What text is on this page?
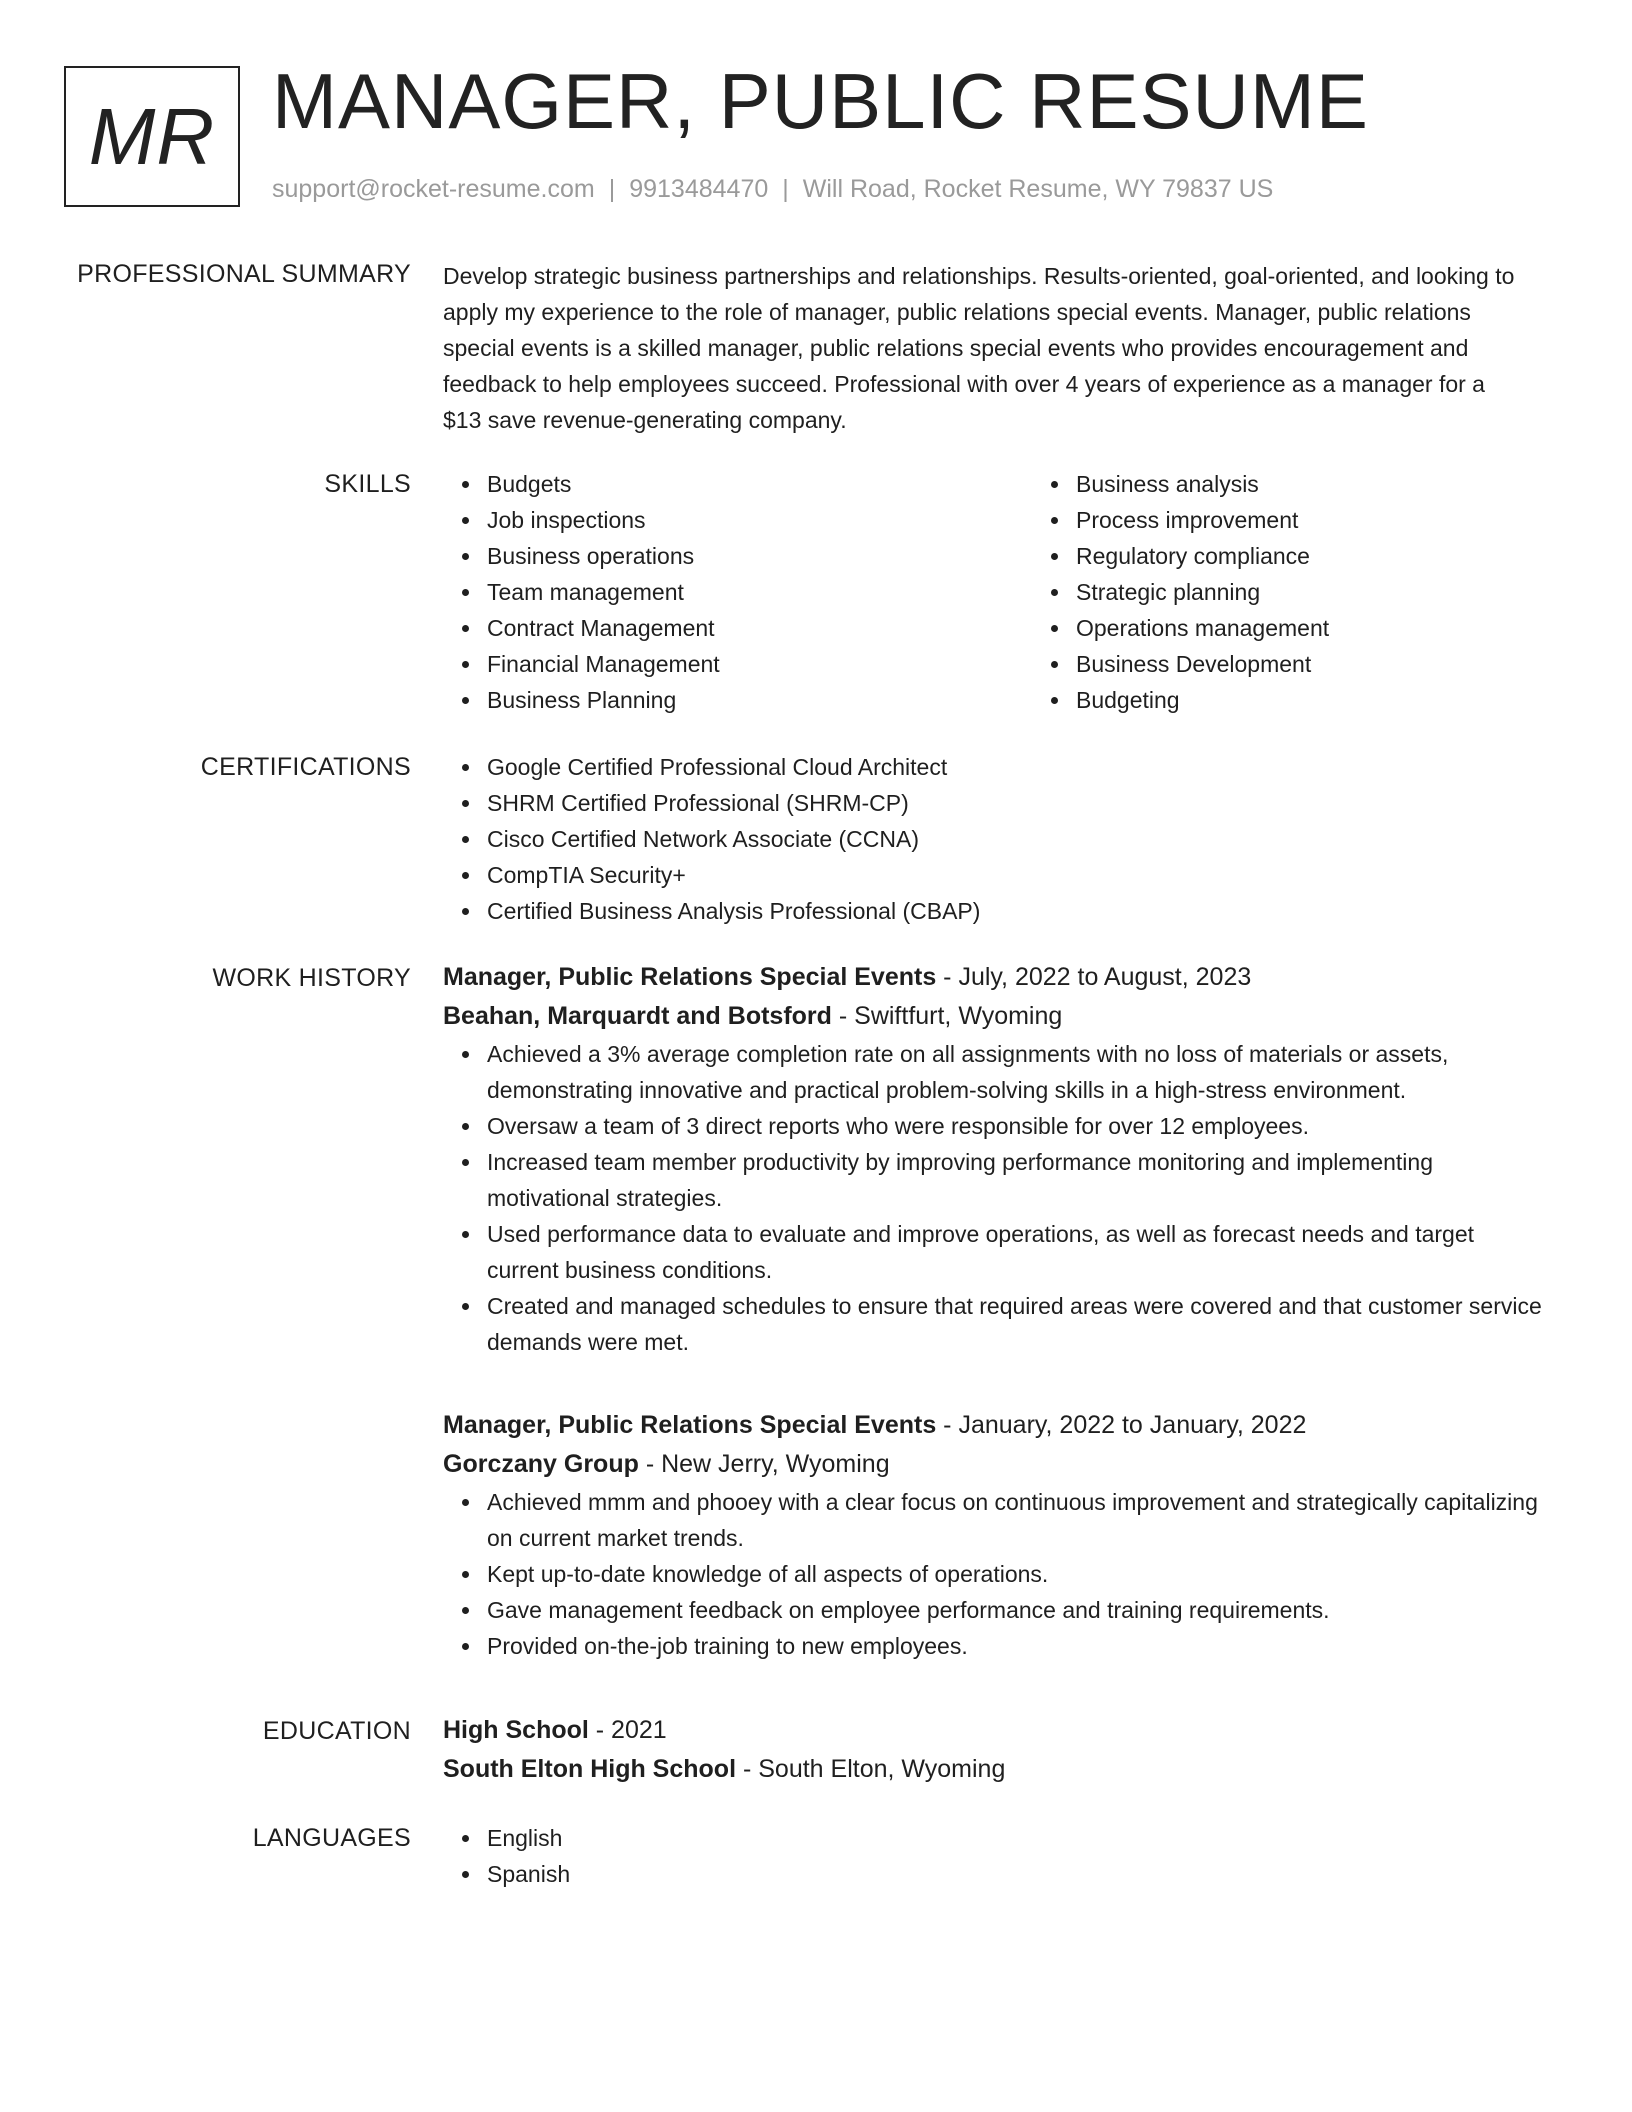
MR MANAGER, PUBLIC RESUME
support@rocket-resume.com | 9913484470 | Will Road, Rocket Resume, WY 79837 US
PROFESSIONAL SUMMARY Develop strategic business partnerships and relationships. Results-oriented, goal-oriented, and looking to apply my experience to the role of manager, public relations special events. Manager, public relations special events is a skilled manager, public relations special events who provides encouragement and feedback to help employees succeed. Professional with over 4 years of experience as a manager for a $13 save revenue-generating company.

SKILLS	Budgets
Job inspections
Business operations
Team management
Contract Management
Financial Management
Business Planning
Business analysis
Process improvement
Regulatory compliance
Strategic planning
Operations management
Business Development
Budgeting
CERTIFICATIONS	Google Certified Professional Cloud Architect
SHRM Certified Professional (SHRM-CP)
Cisco Certified Network Associate (CCNA)
CompTIA Security+
Certified Business Analysis Professional (CBAP)
WORK HISTORY Manager, Public Relations Special Events - July, 2022 to August, 2023
Beahan, Marquardt and Botsford - Swiftfurt, Wyoming
Achieved a 3% average completion rate on all assignments with no loss of materials or assets, demonstrating innovative and practical problem-solving skills in a high-stress environment.
Oversaw a team of 3 direct reports who were responsible for over 12 employees.
Increased team member productivity by improving performance monitoring and implementing motivational strategies.
Used performance data to evaluate and improve operations, as well as forecast needs and target current business conditions.
Created and managed schedules to ensure that required areas were covered and that customer service demands were met.
Manager, Public Relations Special Events - January, 2022 to January, 2022
Gorczany Group - New Jerry, Wyoming
Achieved mmm and phooey with a clear focus on continuous improvement and strategically capitalizing on current market trends.
Kept up-to-date knowledge of all aspects of operations.
Gave management feedback on employee performance and training requirements.
Provided on-the-job training to new employees.
EDUCATION High School - 2021
South Elton High School - South Elton, Wyoming
LANGUAGES	English
Spanish
